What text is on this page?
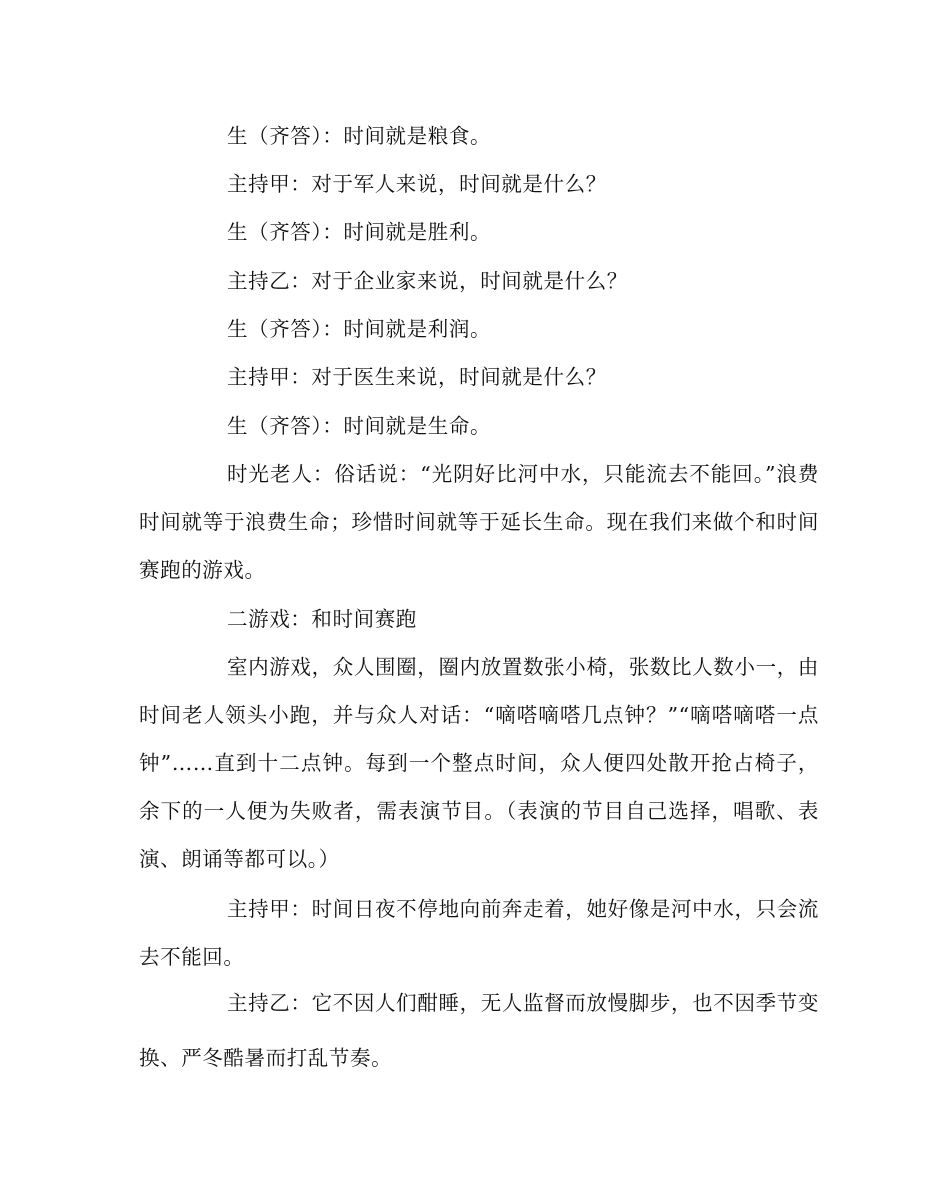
生（齐答）：时间就是粮食。

主持甲：对于军人来说，时间就是什么？

生（齐答）：时间就是胜利。

主持乙：对于企业家来说，时间就是什么？

生（齐答）：时间就是利润。

主持甲：对于医生来说，时间就是什么？

生（齐答）：时间就是生命。

时光老人：俗话说：“光阴好比河中水，只能流去不能回。”浪费时间就等于浪费生命；珍惜时间就等于延长生命。现在我们来做个和时间赛跑的游戏。

二游戏：和时间赛跑

室内游戏，众人围圈，圈内放置数张小椅，张数比人数小一，由时间老人领头小跑，并与众人对话：“嘀嗒嘀嗒几点钟？”“嘀嗒嘀嗒一点钟”……直到十二点钟。每到一个整点时间，众人便四处散开抢占椅子，余下的一人便为失败者，需表演节目。（表演的节目自己选择，唱歌、表演、朗诵等都可以。）

主持甲：时间日夜不停地向前奔走着，她好像是河中水，只会流去不能回。

主持乙：它不因人们酣睡，无人监督而放慢脚步，也不因季节变换、严冬酷暑而打乱节奏。
